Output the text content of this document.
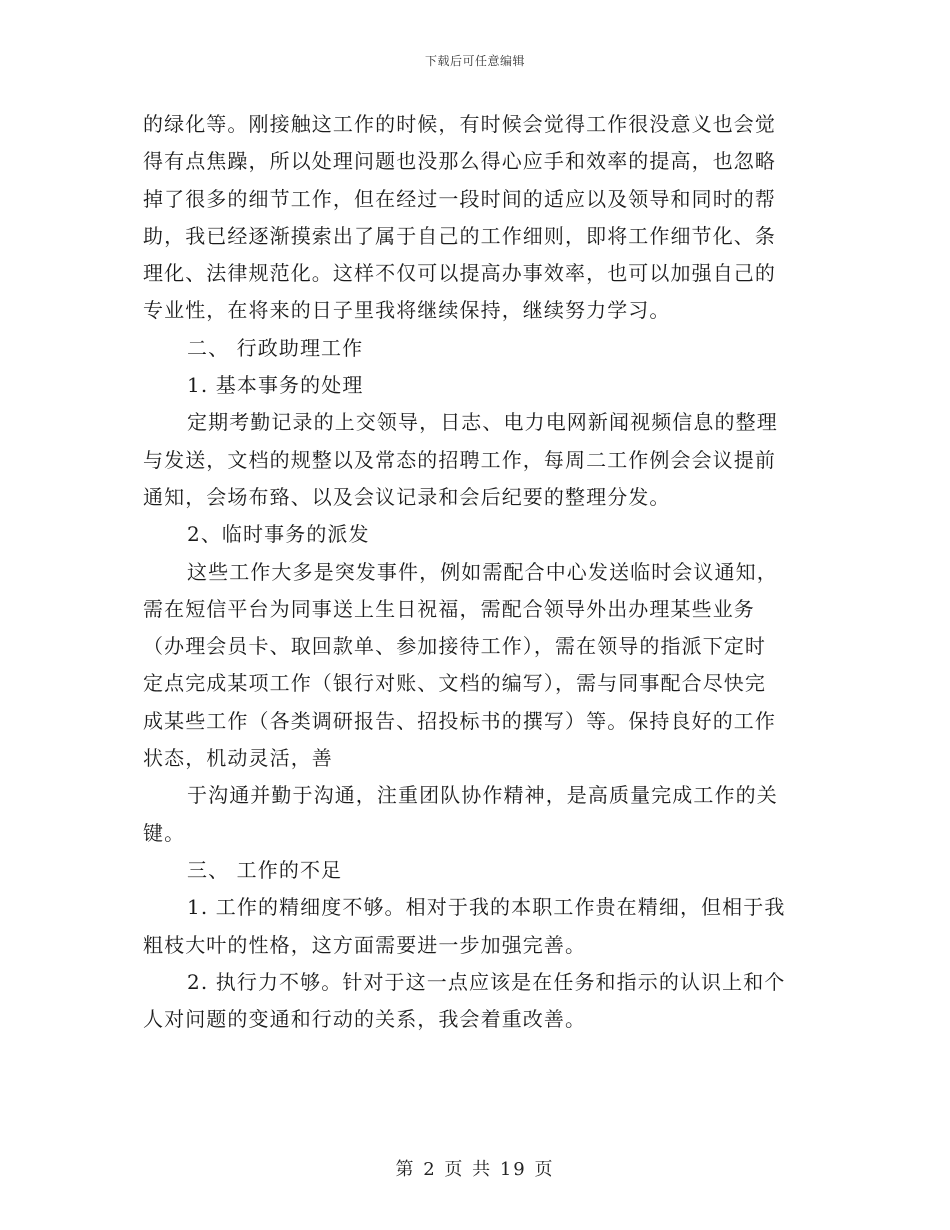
下载后可任意编辑
的绿化等。刚接触这工作的时候，有时候会觉得工作很没意义也会觉
得有点焦躁，所以处理问题也没那么得心应手和效率的提高，也忽略
掉了很多的细节工作，但在经过一段时间的适应以及领导和同时的帮
助，我已经逐渐摸索出了属于自己的工作细则，即将工作细节化、条
理化、法律规范化。这样不仅可以提高办事效率，也可以加强自己的
专业性，在将来的日子里我将继续保持，继续努力学习。
二、 行政助理工作
1. 基本事务的处理
定期考勤记录的上交领导，日志、电力电网新闻视频信息的整理
与发送，文档的规整以及常态的招聘工作，每周二工作例会会议提前
通知，会场布臵、以及会议记录和会后纪要的整理分发。
2、临时事务的派发
这些工作大多是突发事件，例如需配合中心发送临时会议通知，
需在短信平台为同事送上生日祝福，需配合领导外出办理某些业务
（办理会员卡、取回款单、参加接待工作），需在领导的指派下定时
定点完成某项工作（银行对账、文档的编写），需与同事配合尽快完
成某些工作（各类调研报告、招投标书的撰写）等。保持良好的工作
状态，机动灵活，善
于沟通并勤于沟通，注重团队协作精神，是高质量完成工作的关
键。
三、 工作的不足
1. 工作的精细度不够。相对于我的本职工作贵在精细，但相于我
粗枝大叶的性格，这方面需要进一步加强完善。
2. 执行力不够。针对于这一点应该是在任务和指示的认识上和个
人对问题的变通和行动的关系，我会着重改善。
第 2 页 共 19 页
